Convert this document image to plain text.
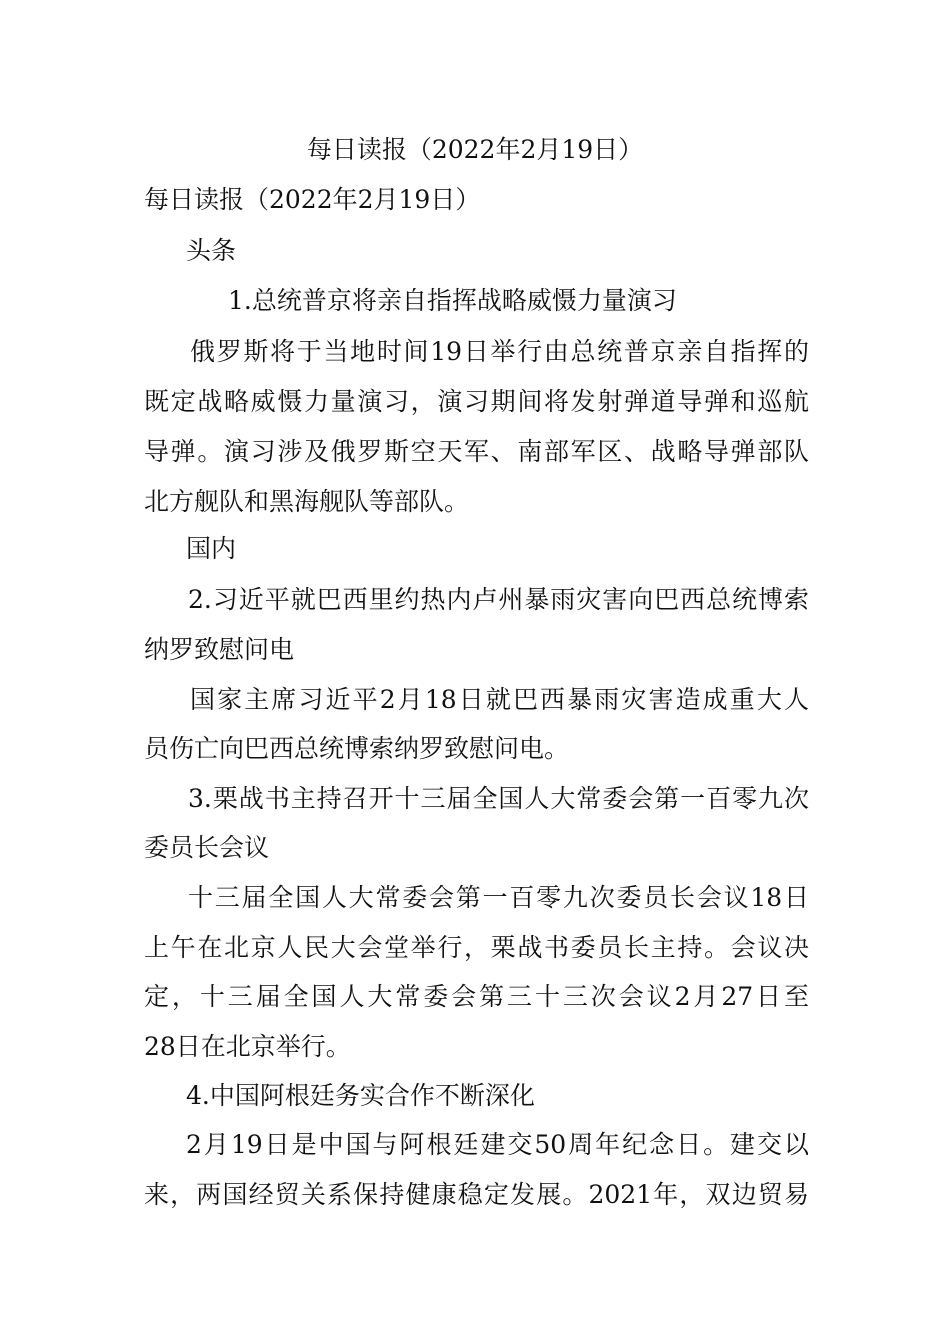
每日读报（2022年2月19日）
每日读报（2022年2月19日）
头条
1.总统普京将亲自指挥战略威慑力量演习
俄罗斯将于当地时间19日举行由总统普京亲自指挥的
既定战略威慑力量演习，演习期间将发射弹道导弹和巡航
导弹。演习涉及俄罗斯空天军、南部军区、战略导弹部队
北方舰队和黑海舰队等部队。
国内
2.习近平就巴西里约热内卢州暴雨灾害向巴西总统博索
纳罗致慰问电
国家主席习近平2月18日就巴西暴雨灾害造成重大人
员伤亡向巴西总统博索纳罗致慰问电。
3.栗战书主持召开十三届全国人大常委会第一百零九次
委员长会议
十三届全国人大常委会第一百零九次委员长会议18日
上午在北京人民大会堂举行，栗战书委员长主持。会议决
定，十三届全国人大常委会第三十三次会议2月27日至
28日在北京举行。
4.中国阿根廷务实合作不断深化
2月19日是中国与阿根廷建交50周年纪念日。建交以
来，两国经贸关系保持健康稳定发展。2021年，双边贸易
